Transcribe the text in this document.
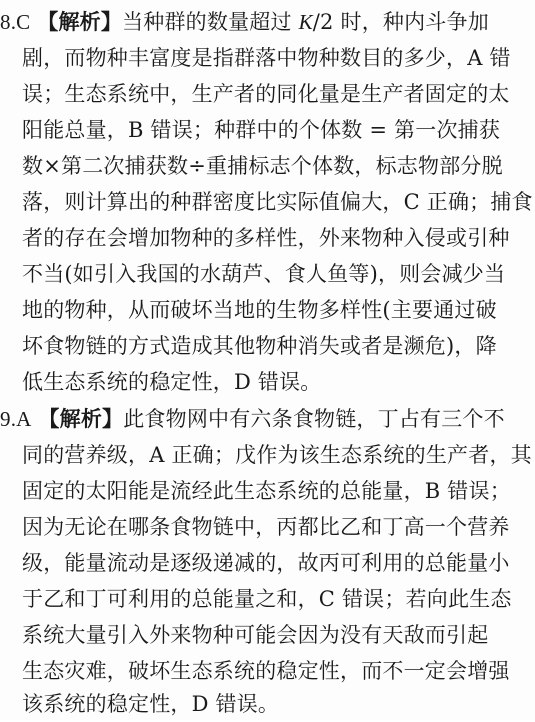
8.C 【解析】当种群的数量超过 K/2 时，种内斗争加
剧，而物种丰富度是指群落中物种数目的多少，A 错
误；生态系统中，生产者的同化量是生产者固定的太
阳能总量，B 错误；种群中的个体数 = 第一次捕获
数×第二次捕获数÷重捕标志个体数，标志物部分脱
落，则计算出的种群密度比实际值偏大，C 正确；捕食
者的存在会增加物种的多样性，外来物种入侵或引种
不当(如引入我国的水葫芦、食人鱼等)，则会减少当
地的物种，从而破坏当地的生物多样性(主要通过破
坏食物链的方式造成其他物种消失或者是濒危)，降
低生态系统的稳定性，D 错误。
9.A 【解析】此食物网中有六条食物链，丁占有三个不
同的营养级，A 正确；戊作为该生态系统的生产者，其
固定的太阳能是流经此生态系统的总能量，B 错误；
因为无论在哪条食物链中，丙都比乙和丁高一个营养
级，能量流动是逐级递减的，故丙可利用的总能量小
于乙和丁可利用的总能量之和，C 错误；若向此生态
系统大量引入外来物种可能会因为没有天敌而引起
生态灾难，破坏生态系统的稳定性，而不一定会增强
该系统的稳定性，D 错误。
